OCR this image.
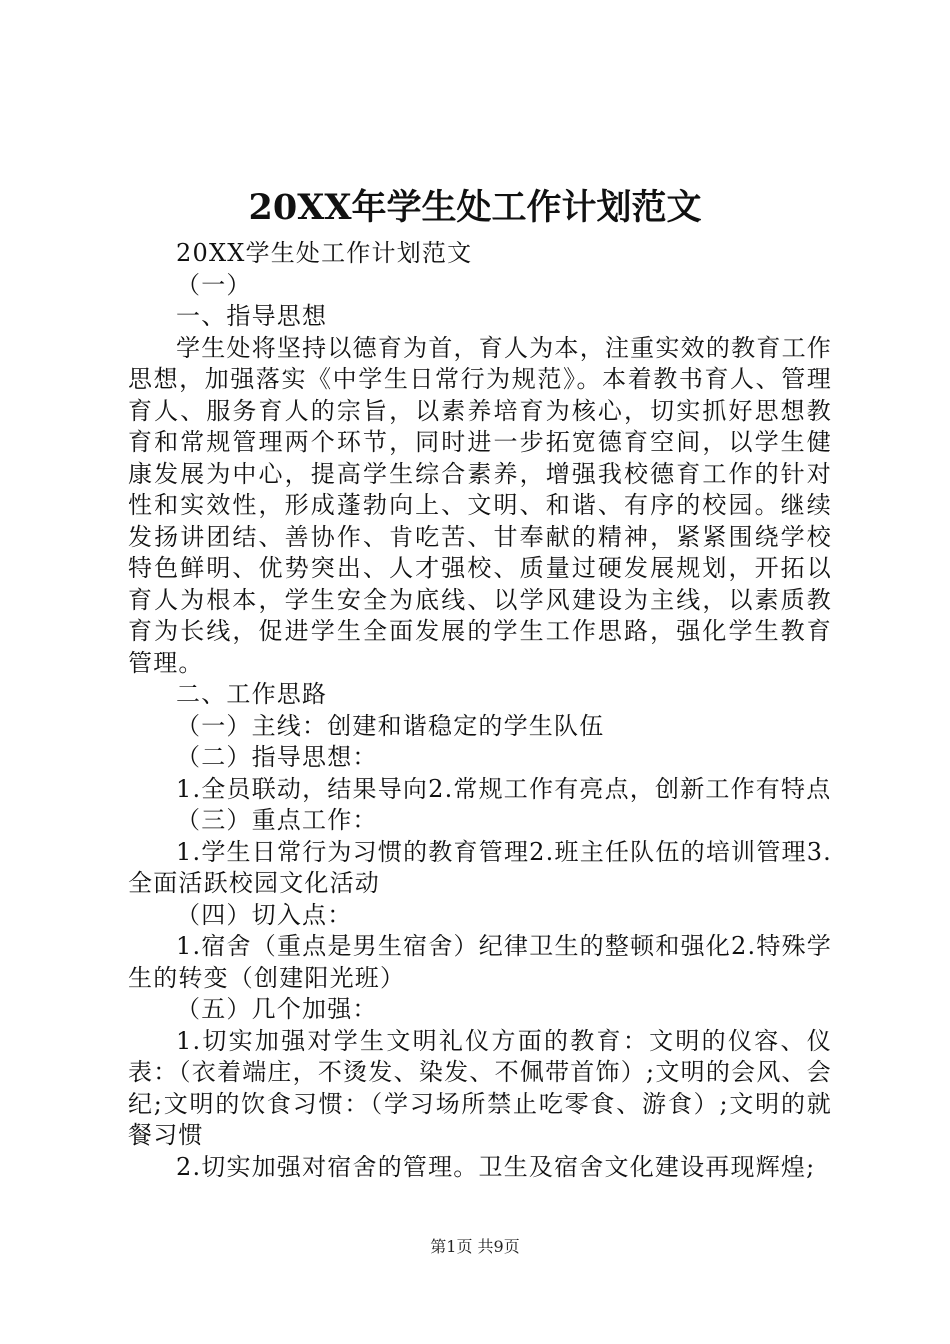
20XX年学生处工作计划范文

20XX学生处工作计划范文

（一）

一、指导思想

学生处将坚持以德育为首，育人为本，注重实效的教育工作思想，加强落实《中学生日常行为规范》。本着教书育人、管理育人、服务育人的宗旨，以素养培育为核心，切实抓好思想教育和常规管理两个环节，同时进一步拓宽德育空间，以学生健康发展为中心，提高学生综合素养，增强我校德育工作的针对性和实效性，形成蓬勃向上、文明、和谐、有序的校园。继续发扬讲团结、善协作、肯吃苦、甘奉献的精神，紧紧围绕学校特色鲜明、优势突出、人才强校、质量过硬发展规划，开拓以育人为根本，学生安全为底线、以学风建设为主线，以素质教育为长线，促进学生全面发展的学生工作思路，强化学生教育管理。

二、工作思路

（一）主线：创建和谐稳定的学生队伍

（二）指导思想：

1.全员联动，结果导向2.常规工作有亮点，创新工作有特点

（三）重点工作：

1.学生日常行为习惯的教育管理2.班主任队伍的培训管理3.全面活跃校园文化活动

（四）切入点：

1.宿舍（重点是男生宿舍）纪律卫生的整顿和强化2.特殊学生的转变（创建阳光班）

（五）几个加强：

1.切实加强对学生文明礼仪方面的教育：文明的仪容、仪表：（衣着端庄，不烫发、染发、不佩带首饰）;文明的会风、会纪;文明的饮食习惯：（学习场所禁止吃零食、游食）;文明的就餐习惯

2.切实加强对宿舍的管理。卫生及宿舍文化建设再现辉煌;

第1页 共9页
